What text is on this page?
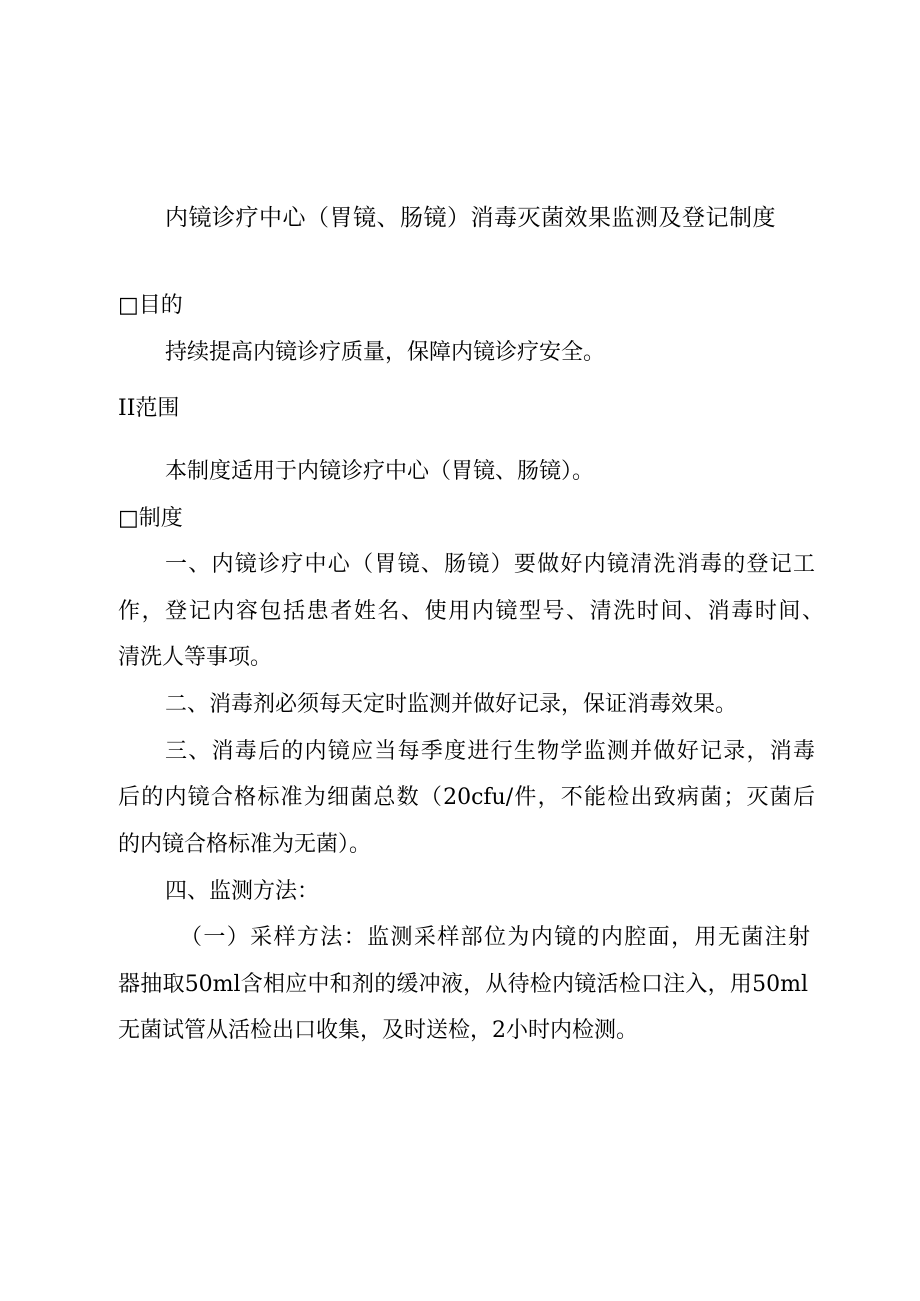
内镜诊疗中心（胃镜、肠镜）消毒灭菌效果监测及登记制度
□目的
持续提高内镜诊疗质量，保障内镜诊疗安全。
II范围
本制度适用于内镜诊疗中心（胃镜、肠镜）。
□制度
一、内镜诊疗中心（胃镜、肠镜）要做好内镜清洗消毒的登记工
作，登记内容包括患者姓名、使用内镜型号、清洗时间、消毒时间、
清洗人等事项。
二、消毒剂必须每天定时监测并做好记录，保证消毒效果。
三、消毒后的内镜应当每季度进行生物学监测并做好记录，消毒
后的内镜合格标准为细菌总数（20cfu/件，不能检出致病菌；灭菌后
的内镜合格标准为无菌）。
四、监测方法：
（一）采样方法：监测采样部位为内镜的内腔面，用无菌注射
器抽取50ml含相应中和剂的缓冲液，从待检内镜活检口注入，用50ml
无菌试管从活检出口收集，及时送检，2小时内检测。
